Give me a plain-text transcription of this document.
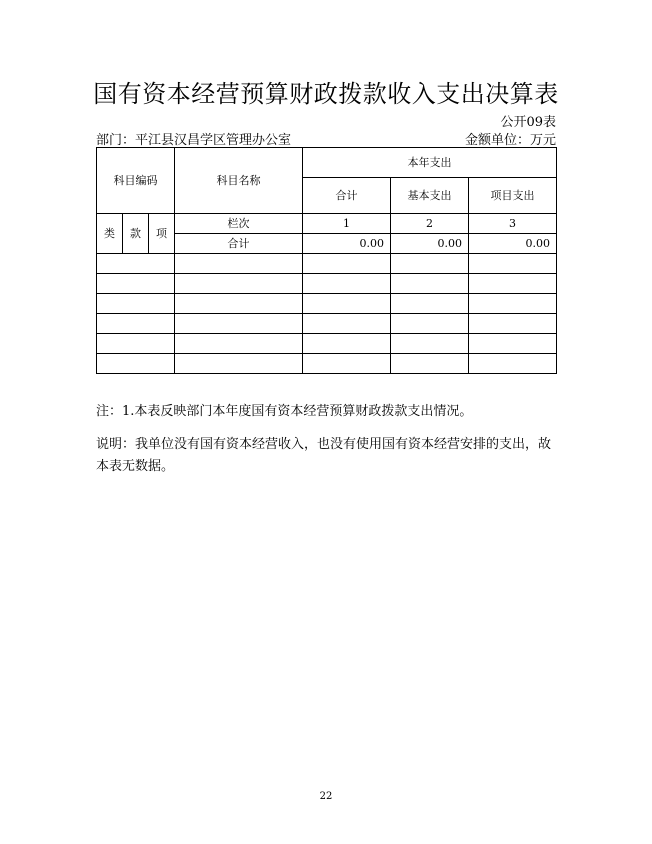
国有资本经营预算财政拨款收入支出决算表
公开09表
部门：平江县汉昌学区管理办公室	金额单位：万元
科目编码			科目名称	本年支出		
				合计	基本支出	项目支出
类	款	项	栏次	1	2	3
			合计	0.00	0.00	0.00

注：1.本表反映部门本年度国有资本经营预算财政拨款支出情况。
说明：我单位没有国有资本经营收入，也没有使用国有资本经营安排的支出，故本表无数据。
22
